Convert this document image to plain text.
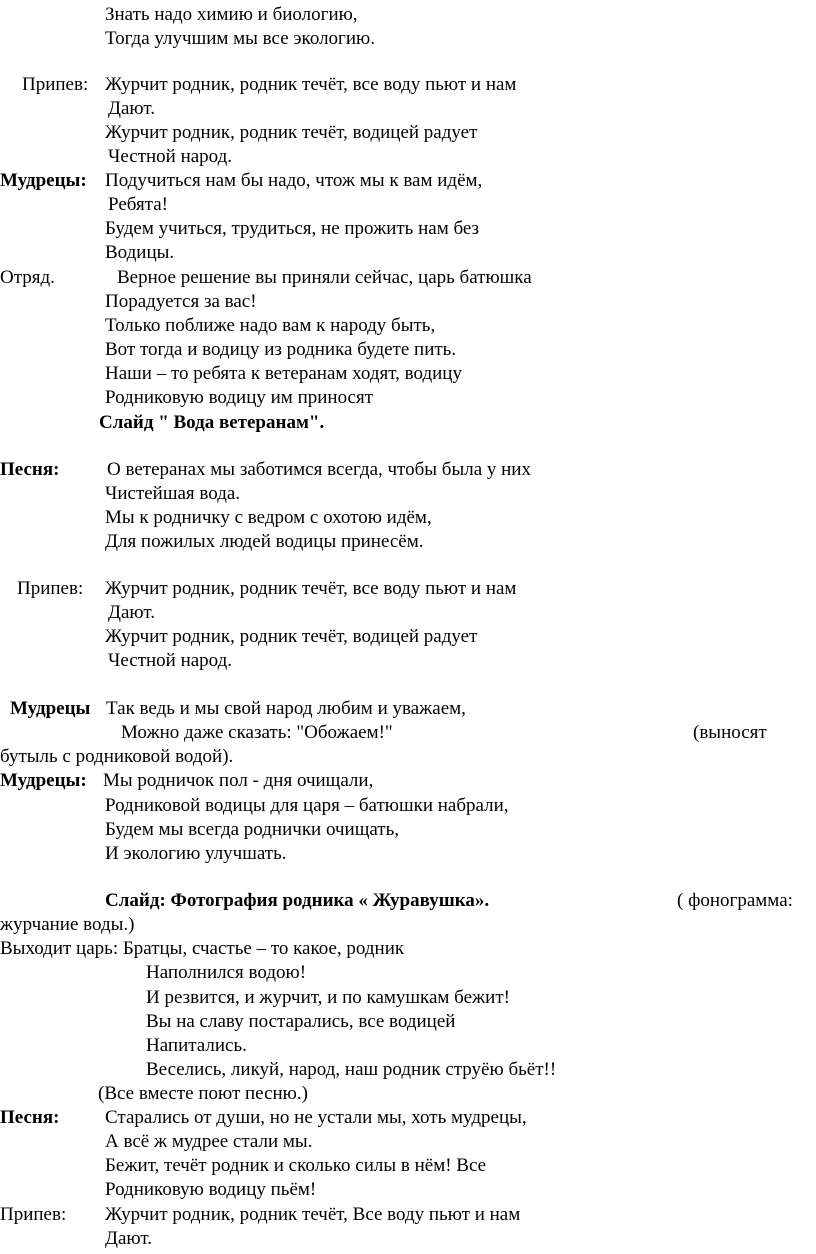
Знать надо химию и биологию,
Тогда улучшим мы все экологию.
Припев: Журчит родник, родник течёт, все воду пьют и нам
Дают.
Журчит родник, родник течёт, водицей радует
Честной народ.
Мудрецы: Подучиться нам бы надо, чтож мы к вам идём,
Ребята!
Будем учиться, трудиться, не прожить нам без
Водицы.
Отряд.	Верное решение вы приняли сейчас, царь батюшка
Порадуется за вас!
Только поближе надо вам к народу быть,
Вот тогда и водицу из родника будете пить.
Наши – то ребята к ветеранам ходят, водицу
Родниковую водицу им приносят
Слайд " Вода ветеранам".
Песня:	О ветеранах мы заботимся всегда, чтобы была у них
Чистейшая вода.
Мы к родничку с ведром с охотою идём,
Для пожилых людей водицы принесём.
Припев: Журчит родник, родник течёт, все воду пьют и нам
Дают.
Журчит родник, родник течёт, водицей радует
Честной народ.
Мудрецы Так ведь и мы свой народ любим и уважаем,
Можно даже сказать: "Обожаем!"	(выносят
бутыль с родниковой водой).
Мудрецы: Мы родничок пол - дня очищали,
Родниковой водицы для царя – батюшки набрали,
Будем мы всегда роднички очищать,
И экологию улучшать.
Слайд: Фотография родника « Журавушка».	( фонограмма:
журчание воды.)
Выходит царь: Братцы, счастье – то какое, родник
Наполнился водою!
И резвится, и журчит, и по камушкам бежит!
Вы на славу постарались, все водицей
Напитались.
Веселись, ликуй, народ, наш родник струёю бьёт!!
(Все вместе поют песню.)
Песня: Старались от души, но не устали мы, хоть мудрецы,
А всё ж мудрее стали мы.
Бежит, течёт родник и сколько силы в нём! Все
Родниковую водицу пьём!
Припев: Журчит родник, родник течёт, Все воду пьют и нам
Дают.
